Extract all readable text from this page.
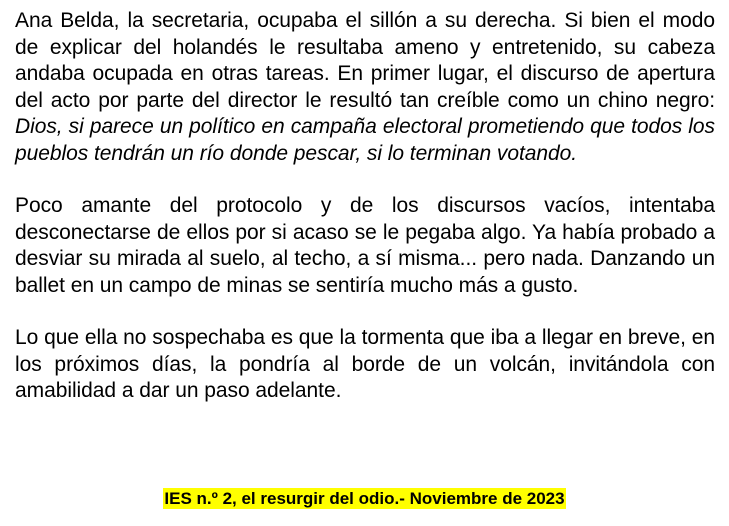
Ana Belda, la secretaria, ocupaba el sillón a su derecha. Si bien el modo de explicar del holandés le resultaba ameno y entretenido, su cabeza andaba ocupada en otras tareas. En primer lugar, el discurso de apertura del acto por parte del director le resultó tan creíble como un chino negro: Dios, si parece un político en campaña electoral prometiendo que todos los pueblos tendrán un río donde pescar, si lo terminan votando.

Poco amante del protocolo y de los discursos vacíos, intentaba desconectarse de ellos por si acaso se le pegaba algo. Ya había probado a desviar su mirada al suelo, al techo, a sí misma... pero nada. Danzando un ballet en un campo de minas se sentiría mucho más a gusto.

Lo que ella no sospechaba es que la tormenta que iba a llegar en breve, en los próximos días, la pondría al borde de un volcán, invitándola con amabilidad a dar un paso adelante.

IES n.º 2, el resurgir del odio.- Noviembre de 2023
